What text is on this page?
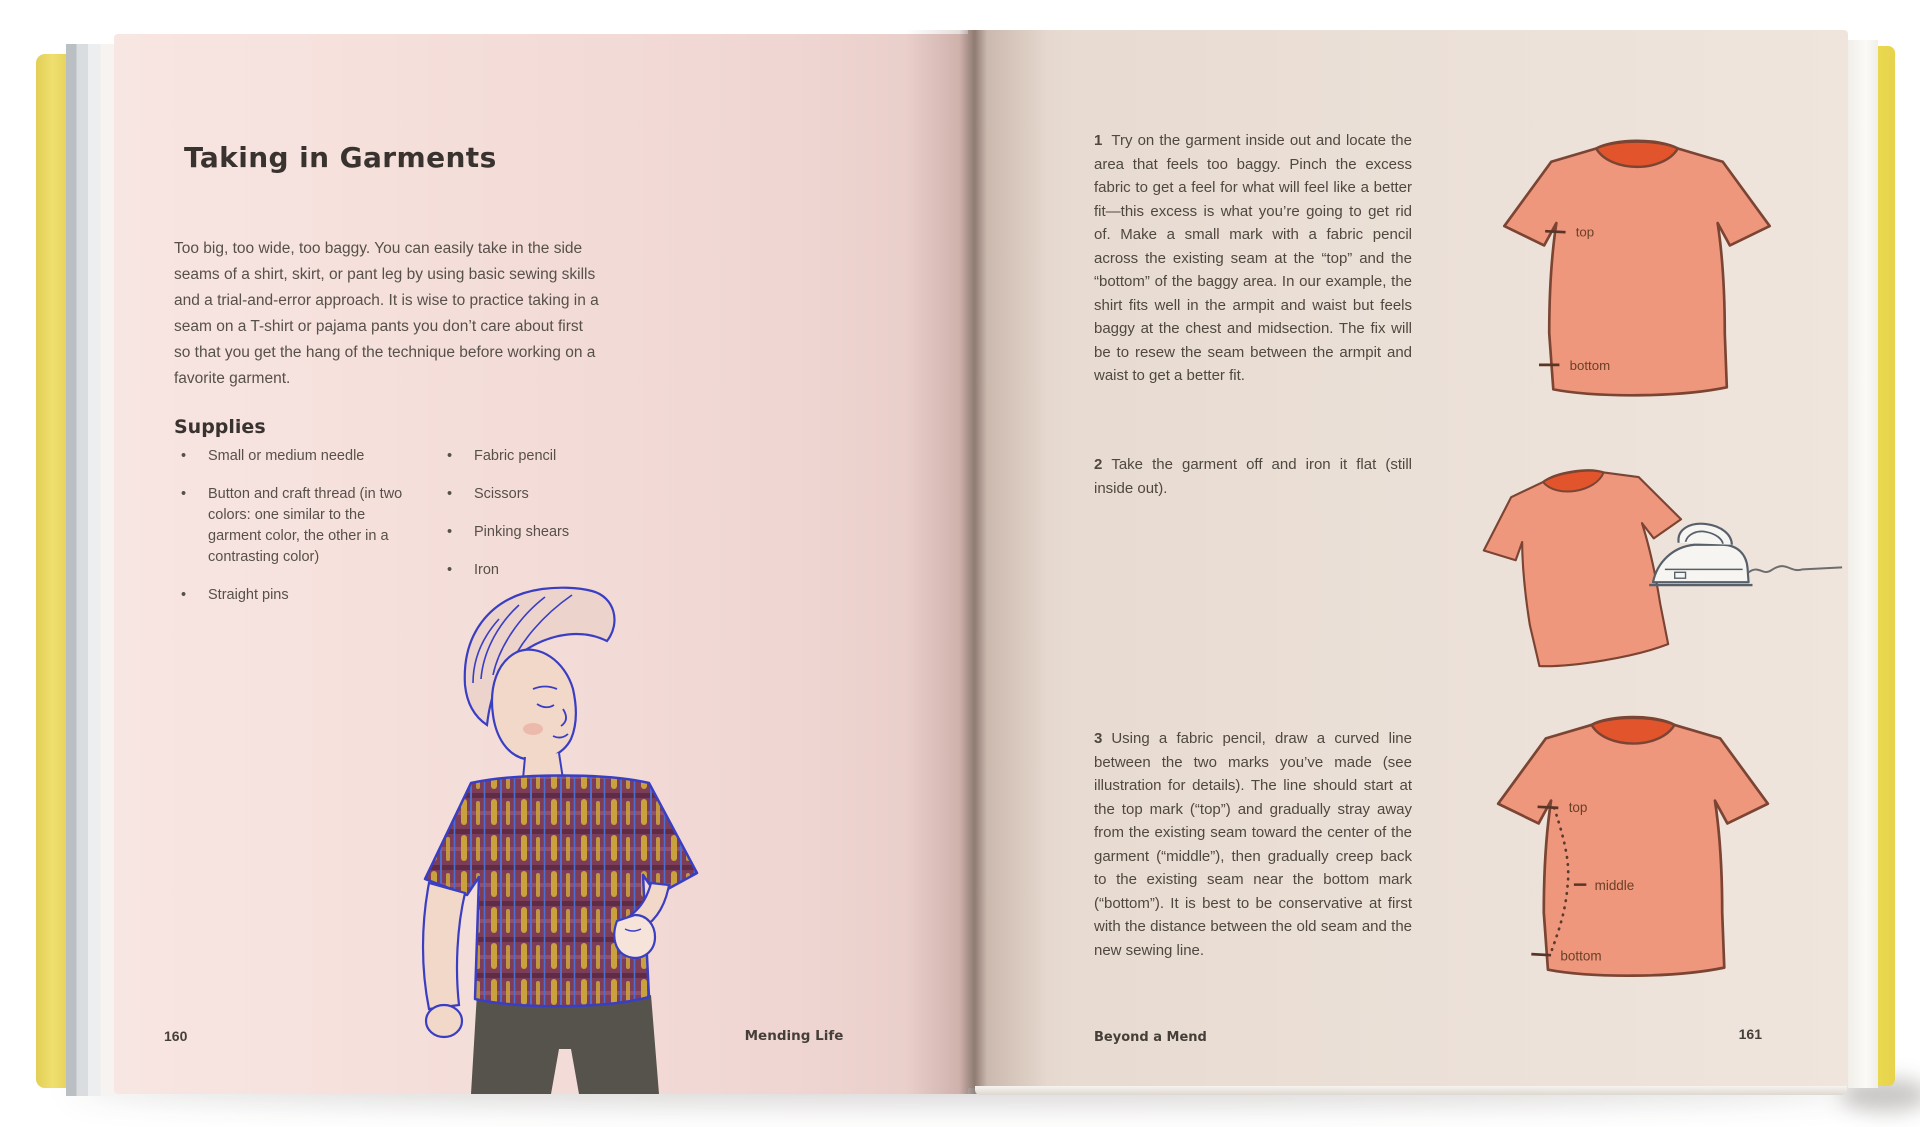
Taking in Garments

Too big, too wide, too baggy. You can easily take in the side seams of a shirt, skirt, or pant leg by using basic sewing skills and a trial-and-error approach. It is wise to practice taking in a seam on a T-shirt or pajama pants you don’t care about first so that you get the hang of the technique before working on a favorite garment.

Supplies
• Small or medium needle
• Button and craft thread (in two colors: one similar to the garment color, the other in a contrasting color)
• Straight pins
• Fabric pencil
• Scissors
• Pinking shears
• Iron
160	Mending Life

1 Try on the garment inside out and locate the area that feels too baggy. Pinch the excess fabric to get a feel for what will feel like a better fit—this excess is what you’re going to get rid of. Make a small mark with a fabric pencil across the existing seam at the “top” and the “bottom” of the baggy area. In our example, the shirt fits well in the armpit and waist but feels baggy at the chest and midsection. The fix will be to resew the seam between the armpit and waist to get a better fit.

2 Take the garment off and iron it flat (still inside out).

3 Using a fabric pencil, draw a curved line between the two marks you’ve made (see illustration for details). The line should start at the top mark (“top”) and gradually stray away from the existing seam toward the center of the garment (“middle”), then gradually creep back to the existing seam near the bottom mark (“bottom”). It is best to be conservative at first with the distance between the old seam and the new sewing line.

top
bottom
top
middle
bottom
Beyond a Mend	161
